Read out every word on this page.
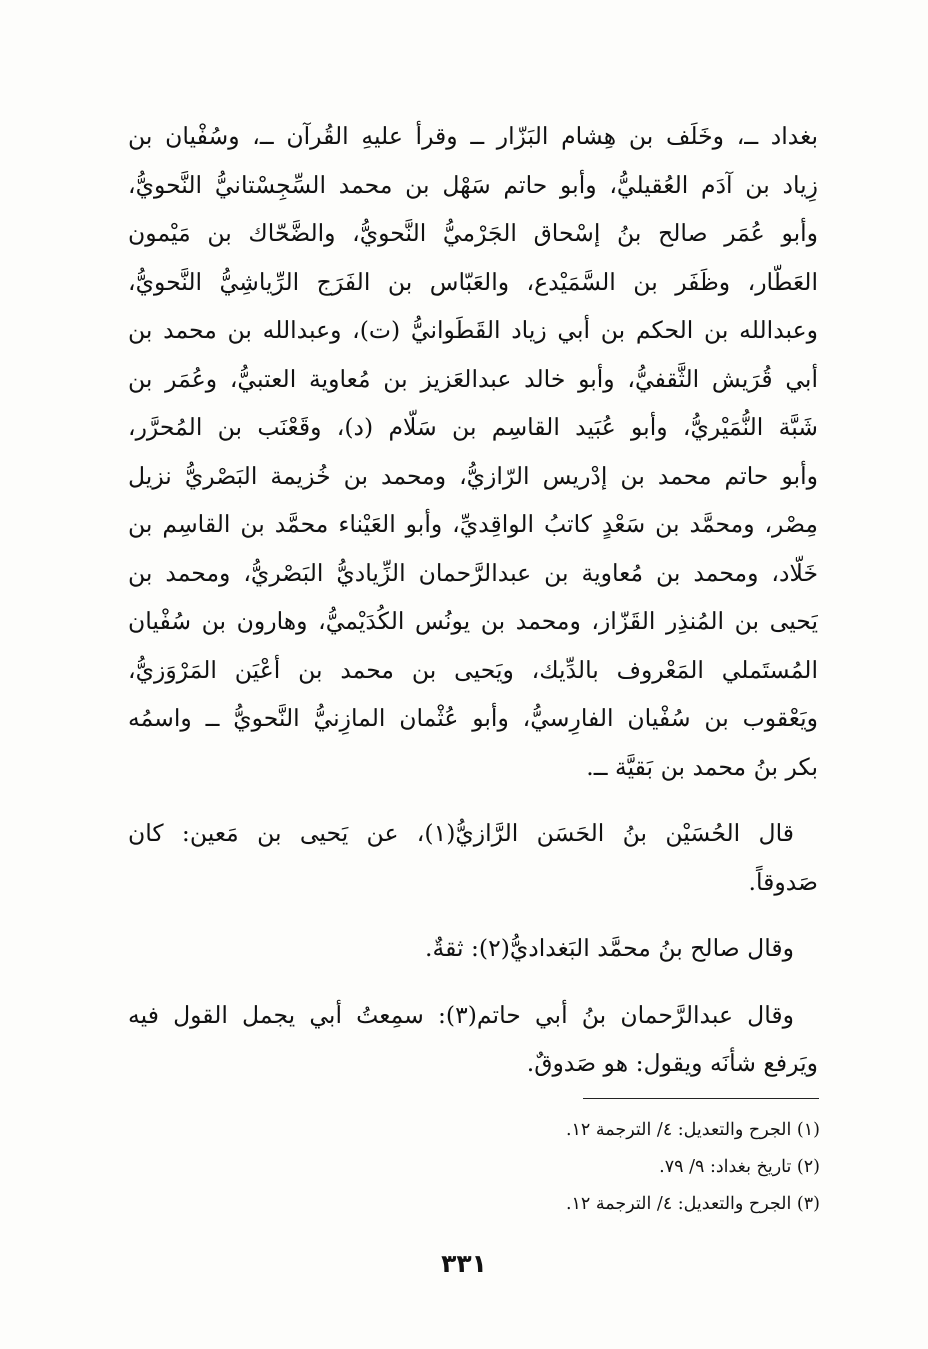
بغداد ــ، وخَلَف بن هِشام البَزّار ــ وقرأ عليهِ القُرآن ــ، وسُفْيان بن
زِياد بن آدَم العُقيليُّ، وأبو حاتم سَهْل بن محمد السِّجِسْتانيُّ النَّحويُّ،
وأبو عُمَر صالح بنُ إسْحاق الجَرْميُّ النَّحويُّ، والضَّحّاك بن مَيْمون
العَطّار، وظَفَر بن السَّمَيْدع، والعَبّاس بن الفَرَج الرِّياشِيُّ النَّحويُّ،
وعبدالله بن الحكم بن أبي زياد القَطَوانيُّ (ت)، وعبدالله بن محمد بن
أبي قُرَيش الثَّقفيُّ، وأبو خالد عبدالعَزيز بن مُعاوية العتبيُّ، وعُمَر بن
شَبَّة النُّمَيْريُّ، وأبو عُبَيد القاسِم بن سَلّام (د)، وقَعْنَب بن المُحرَّر،
وأبو حاتم محمد بن إدْريس الرّازيُّ، ومحمد بن خُزيمة البَصْريُّ نزيل
مِصْر، ومحمَّد بن سَعْدٍ كاتبُ الواقِديِّ، وأبو العَيْناء محمَّد بن القاسِم بن
خَلّاد، ومحمد بن مُعاوية بن عبدالرَّحمان الزِّياديُّ البَصْريُّ، ومحمد بن
يَحيى بن المُنذِر القَزّاز، ومحمد بن يونُس الكُدَيْميُّ، وهارون بن سُفْيان
المُستَملي المَعْروف بالدِّيك، ويَحيى بن محمد بن أعْيَن المَرْوَزيُّ،
ويَعْقوب بن سُفْيان الفارِسيُّ، وأبو عُثْمان المازِنيُّ النَّحويُّ ــ واسمُه
بكر بنُ محمد بن بَقيَّة ــ.
قال الحُسَيْن بنُ الحَسَن الرَّازيُّ(١)، عن يَحيى بن مَعين: كان
صَدوقاً.
وقال صالح بنُ محمَّد البَغداديُّ(٢): ثقةٌ.
وقال عبدالرَّحمان بنُ أبي حاتم(٣): سمِعتُ أبي يجمل القول فيه
ويَرفع شأنَه ويقول: هو صَدوقٌ.
(١) الجرح والتعديل: ٤/ الترجمة ١٢.
(٢) تاريخ بغداد: ٩/ ٧٩.
(٣) الجرح والتعديل: ٤/ الترجمة ١٢.
٣٣١
